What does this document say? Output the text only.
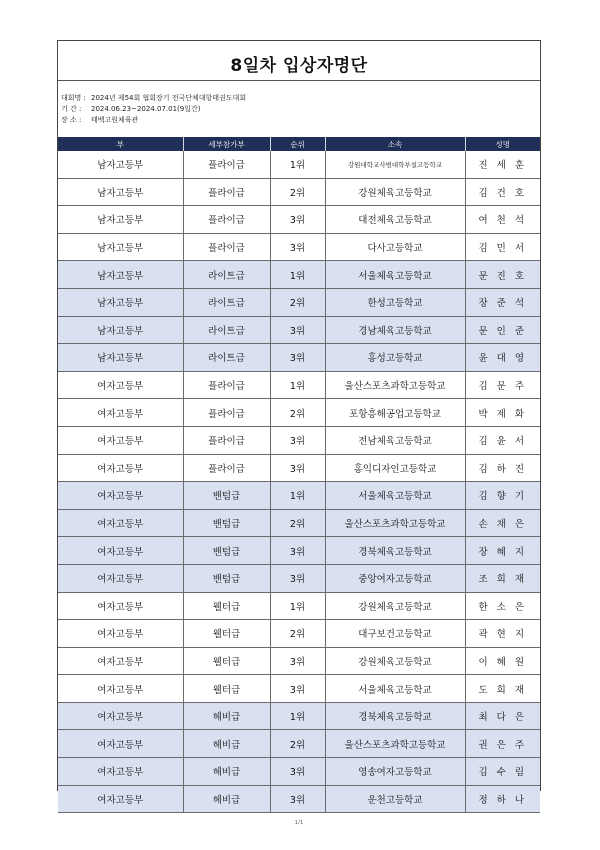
8일차 입상자명단
대회명 : 2024년 제54회 협회장기 전국단체대항태권도대회
기 간 : 2024.06.23~2024.07.01(9일간)
장 소 : 태백고원체육관
부	세부참가부	순위	소속	성명
남자고등부	플라이급	1위	강원대학교사범대학부설고등학교	진 세 훈
남자고등부	플라이급	2위	강원체육고등학교	김 건 호
남자고등부	플라이급	3위	대전체육고등학교	여 천 석
남자고등부	플라이급	3위	다사고등학교	김 민 서
남자고등부	라이트급	1위	서울체육고등학교	문 진 호
남자고등부	라이트급	2위	한성고등학교	장 준 석
남자고등부	라이트급	3위	경남체육고등학교	문 인 준
남자고등부	라이트급	3위	홍성고등학교	윤 대 영
여자고등부	플라이급	1위	울산스포츠과학고등학교	김 문 주
여자고등부	플라이급	2위	포항흥해공업고등학교	박 제 화
여자고등부	플라이급	3위	전남체육고등학교	김 윤 서
여자고등부	플라이급	3위	홍익디자인고등학교	김 하 진
여자고등부	밴텀급	1위	서울체육고등학교	김 향 기
여자고등부	밴텀급	2위	울산스포츠과학고등학교	손 채 은
여자고등부	밴텀급	3위	경북체육고등학교	장 혜 지
여자고등부	밴텀급	3위	중앙여자고등학교	조 희 재
여자고등부	웰터급	1위	강원체육고등학교	한 소 은
여자고등부	웰터급	2위	대구보건고등학교	곽 현 지
여자고등부	웰터급	3위	강원체육고등학교	이 혜 원
여자고등부	웰터급	3위	서울체육고등학교	도 희 재
여자고등부	헤비급	1위	경북체육고등학교	최 다 은
여자고등부	헤비급	2위	울산스포츠과학고등학교	권 은 주
여자고등부	헤비급	3위	영송여자고등학교	김 수 림
여자고등부	헤비급	3위	운천고등학교	정 하 나
1/1
